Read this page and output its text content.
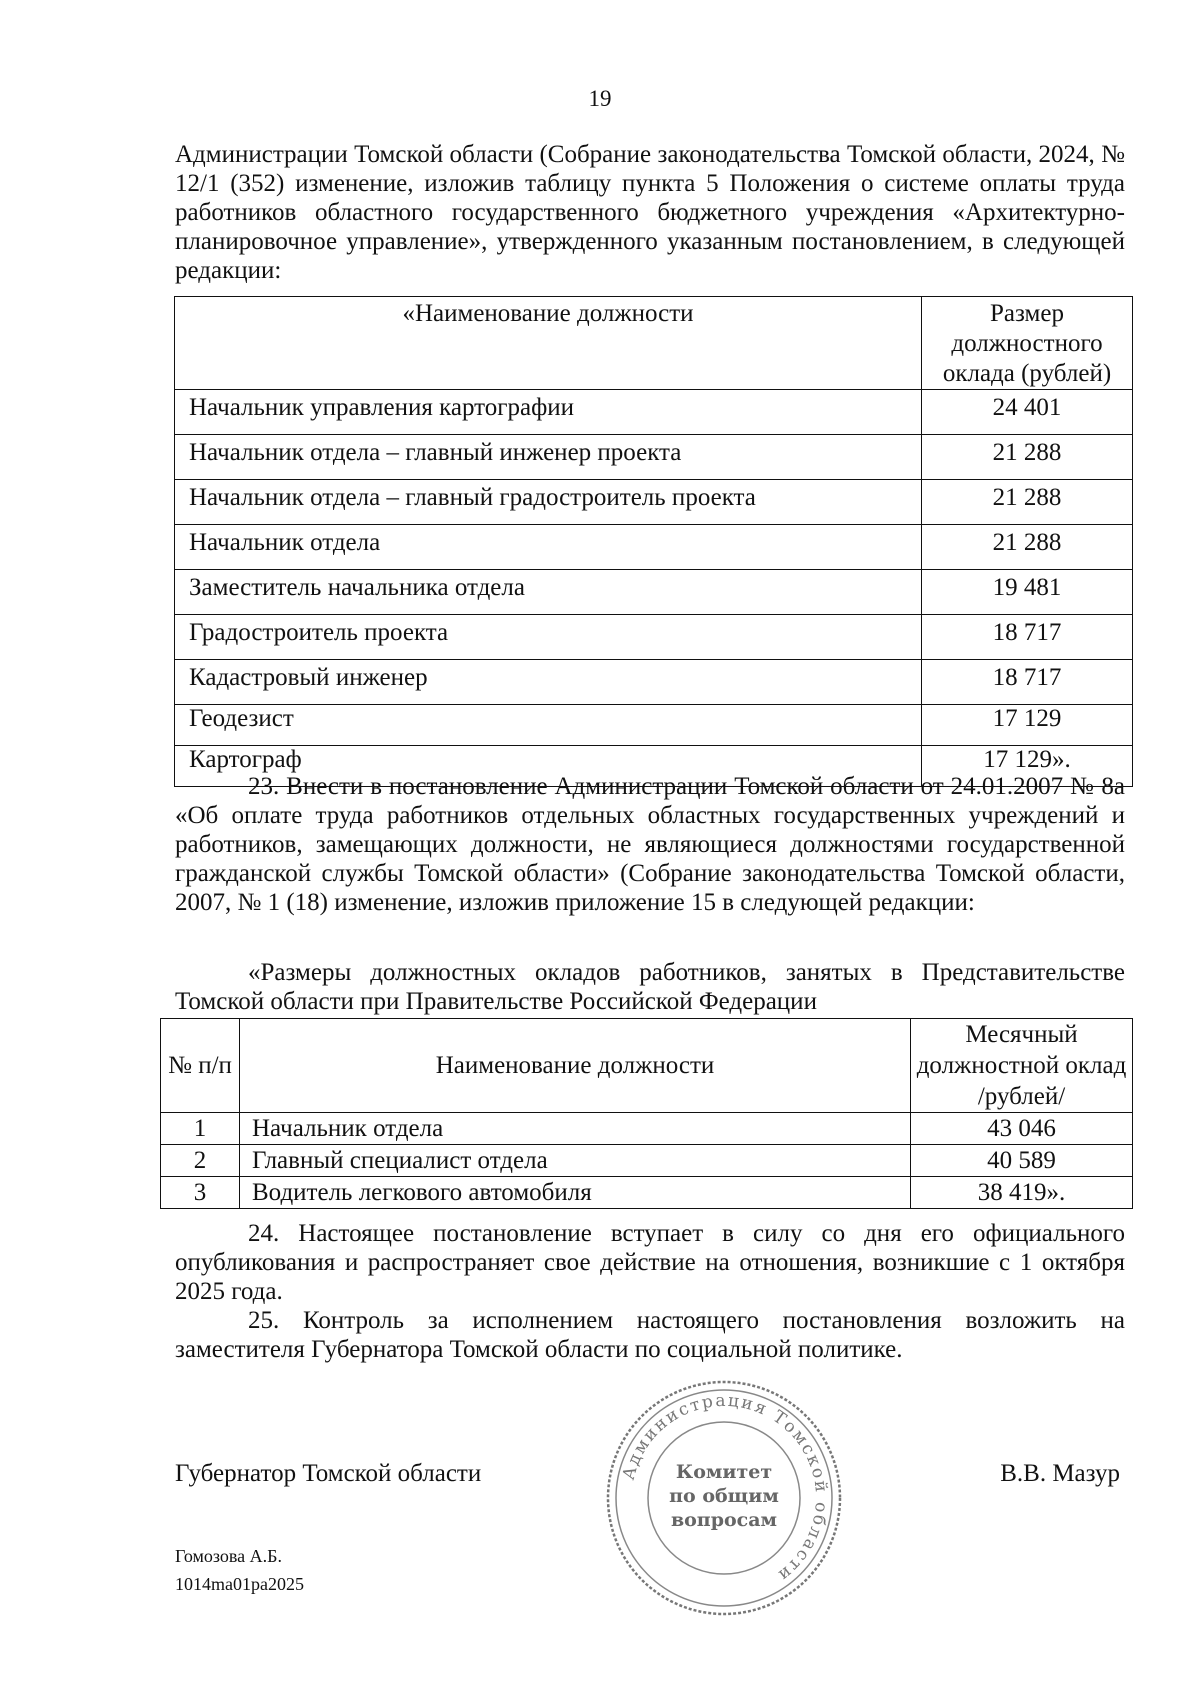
19

Администрации Томской области (Собрание законодательства Томской области, 2024, № 12/1 (352) изменение, изложив таблицу пункта 5 Положения о системе оплаты труда работников областного государственного бюджетного учреждения «Архитектурно-планировочное управление», утвержденного указанным постановлением, в следующей редакции:

«Наименование должности	Размер должностного оклада (рублей)
Начальник управления картографии	24 401
Начальник отдела – главный инженер проекта	21 288
Начальник отдела – главный градостроитель проекта	21 288
Начальник отдела	21 288
Заместитель начальника отдела	19 481
Градостроитель проекта	18 717
Кадастровый инженер	18 717
Геодезист	17 129
Картограф	17 129».

23. Внести в постановление Администрации Томской области от 24.01.2007 № 8а «Об оплате труда работников отдельных областных государственных учреждений и работников, замещающих должности, не являющиеся должностями государственной гражданской службы Томской области» (Собрание законодательства Томской области, 2007, № 1 (18) изменение, изложив приложение 15 в следующей редакции:

«Размеры должностных окладов работников, занятых в Представительстве Томской области при Правительстве Российской Федерации

№ п/п	Наименование должности	Месячный должностной оклад /рублей/
1	Начальник отдела	43 046
2	Главный специалист отдела	40 589
3	Водитель легкового автомобиля	38 419».

24. Настоящее постановление вступает в силу со дня его официального опубликования и распространяет свое действие на отношения, возникшие с 1 октября 2025 года.

25. Контроль за исполнением настоящего постановления возложить на заместителя Губернатора Томской области по социальной политике.

Губернатор Томской области	В.В. Мазур
Администрация Томской области
Комитет
по общим
вопросам
Гомозова А.Б.
1014ma01pa2025
